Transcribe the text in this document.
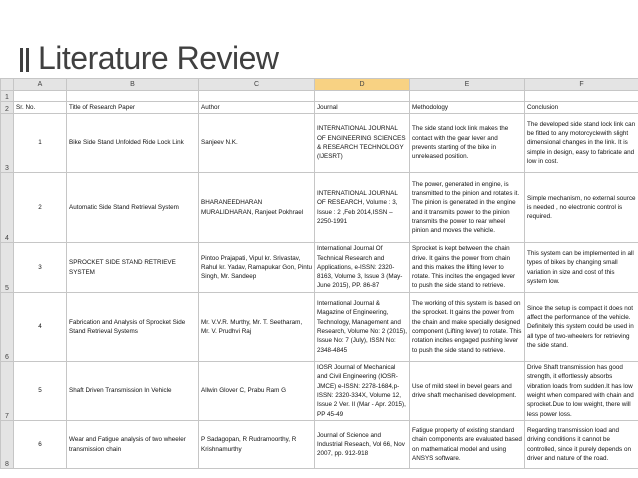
Literature Review
	A	B	C	D	E	F
1						
2	Sr. No.	Title of Research Paper	Author	Journal	Methodology	Conclusion
3	1	Bike Side Stand Unfolded Ride Lock Link	Sanjeev N.K.	INTERNATIONAL JOURNAL OF ENGINEERING SCIENCES & RESEARCH TECHNOLOGY (IJESRT)	The side stand lock link makes the contact with the gear lever and prevents starting of the bike in unreleased position.	The developed side stand lock link can be fitted to any motorcyclewith slight dimensional changes in the link. It is simple in design, easy to fabricate and low in cost.
4	2	Automatic Side Stand Retrieval System	BHARANEEDHARAN MURALIDHARAN, Ranjeet Pokhrael	INTERNATIONAL JOURNAL OF RESEARCH, Volume : 3, Issue : 2 ,Feb 2014,ISSN – 2250-1991	The power, generated in engine, is transmitted to the pinion and rotates it. The pinion is generated in the engine and it transmits power to the pinion transmits the power to rear wheel pinion and moves the vehicle.	Simple mechanism, no external source is needed , no electronic control is required.
5	3	SPROCKET SIDE STAND RETRIEVE SYSTEM	Pintoo Prajapati, Vipul kr. Srivastav, Rahul kr. Yadav, Ramapukar Gon, Pintu Singh, Mr. Sandeep	International Journal Of Technical Research and Applications, e-ISSN: 2320-8163, Volume 3, Issue 3 (May-June 2015), PP. 86-87	Sprocket is kept between the chain drive. It gains the power from chain and this makes the lifting lever to rotate. This incites the engaged lever to push the side stand to retrieve.	This system can be implemented in all types of bikes by changing small variation in size and cost of this system low.
6	4	Fabrication and Analysis of Sprocket Side Stand Retrieval Systems	Mr. V.V.R. Murthy, Mr. T. Seetharam, Mr. V. Prudhvi Raj	International Journal & Magazine of Engineering, Technology, Management and Research, Volume No: 2 (2015), Issue No: 7 (July), ISSN No: 2348-4845	The working of this system is based on the sprocket. It gains the power from the chain and make specially designed component (Lifting lever) to rotate. This rotation incites engaged pushing lever to push the side stand to retrieve.	Since the setup is compact it does not affect the performance of the vehicle. Definitely this system could be used in all type of two-wheelers for retrieving the side stand.
7	5	Shaft Driven Transmission In Vehicle	Allwin Glover C, Prabu Ram G	IOSR Journal of Mechanical and Civil Engineering (IOSR-JMCE) e-ISSN: 2278-1684,p-ISSN: 2320-334X, Volume 12, Issue 2 Ver. II (Mar - Apr. 2015), PP 45-49	Use of mild steel in bevel gears and drive shaft mechanised development.	Drive Shaft transmission has good strength, it effortlessly absorbs vibration loads from sudden.It has low weight when compared with chain and sprocket.Due to low weight, there will less power loss.
8	6	Wear and Fatigue analysis of two wheeler transmission chain	P Sadagopan, R Rudramoorthy, R Krishnamurthy	Journal of Science and Industrial Reseach, Vol 66, Nov 2007, pp. 912-918	Fatigue property of existing standard chain components are evaluated based on mathematical model and using ANSYS software.	Regarding transmission load and driving conditions it cannot be controlled, since it purely depends on driver and nature of the road.
